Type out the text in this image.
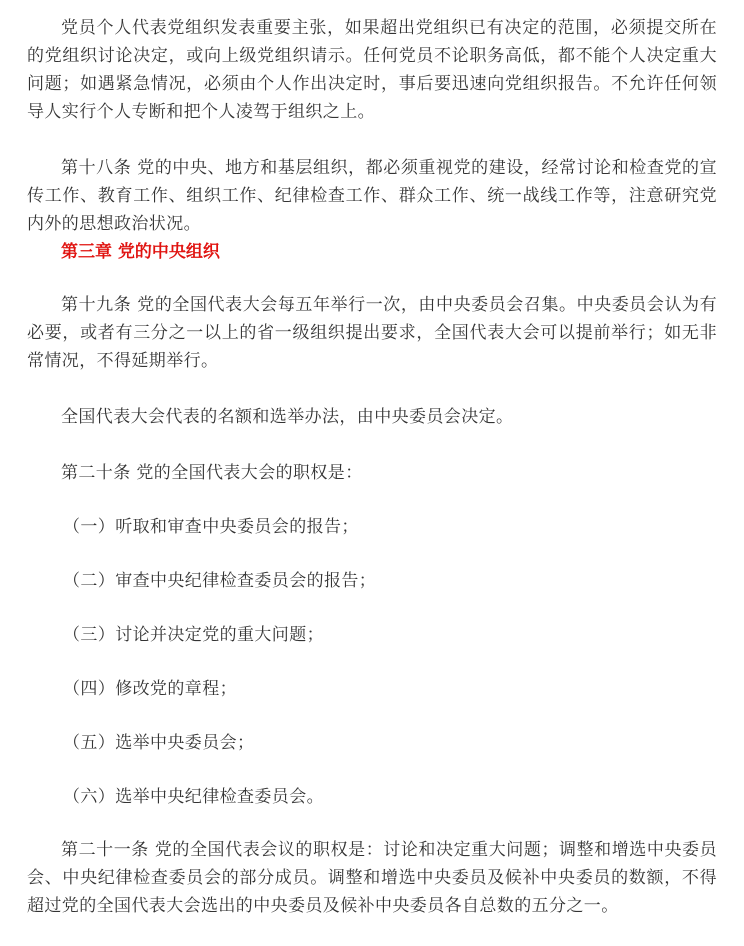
党员个人代表党组织发表重要主张，如果超出党组织已有决定的范围，必须提交所在的党组织讨论决定，或向上级党组织请示。任何党员不论职务高低，都不能个人决定重大问题；如遇紧急情况，必须由个人作出决定时，事后要迅速向党组织报告。不允许任何领导人实行个人专断和把个人凌驾于组织之上。

第十八条 党的中央、地方和基层组织，都必须重视党的建设，经常讨论和检查党的宣传工作、教育工作、组织工作、纪律检查工作、群众工作、统一战线工作等，注意研究党内外的思想政治状况。

第三章 党的中央组织

第十九条 党的全国代表大会每五年举行一次，由中央委员会召集。中央委员会认为有必要，或者有三分之一以上的省一级组织提出要求，全国代表大会可以提前举行；如无非常情况，不得延期举行。

全国代表大会代表的名额和选举办法，由中央委员会决定。

第二十条 党的全国代表大会的职权是：

（一）听取和审查中央委员会的报告；

（二）审查中央纪律检查委员会的报告；

（三）讨论并决定党的重大问题；

（四）修改党的章程；

（五）选举中央委员会；

（六）选举中央纪律检查委员会。

第二十一条 党的全国代表会议的职权是：讨论和决定重大问题；调整和增选中央委员会、中央纪律检查委员会的部分成员。调整和增选中央委员及候补中央委员的数额，不得超过党的全国代表大会选出的中央委员及候补中央委员各自总数的五分之一。
